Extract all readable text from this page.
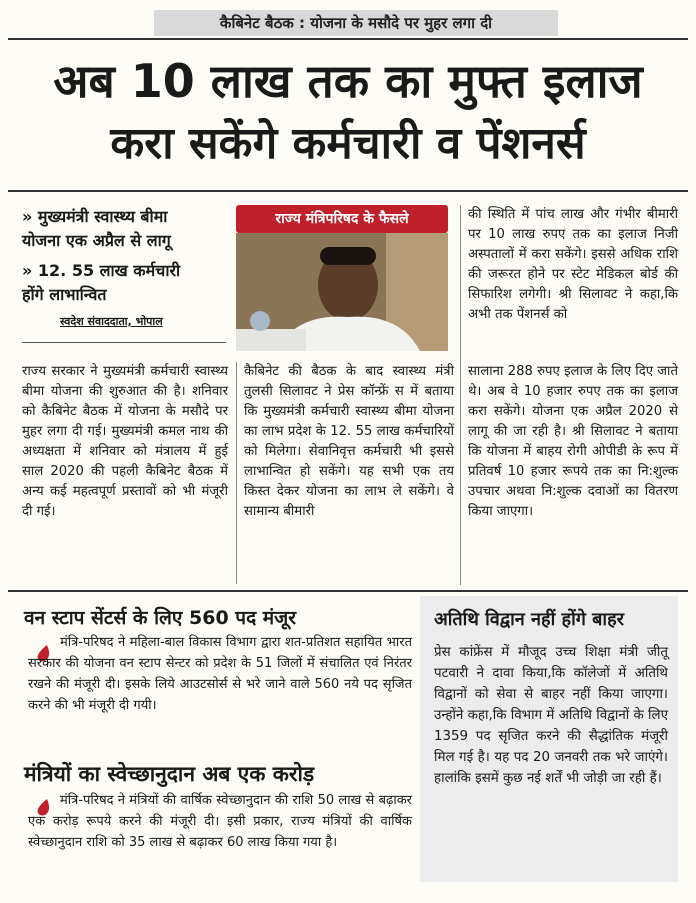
कैबिनेट बैठक : योजना के मसौदे पर मुहर लगा दी
अब 10 लाख तक का मुफ्त इलाज
करा सकेंगे कर्मचारी व पेंशनर्स
» मुख्यमंत्री स्वास्थ्य बीमा
योजना एक अप्रैल से लागू
» 12. 55 लाख कर्मचारी
होंगे लाभान्वित
स्वदेश संवाददाता, भोपाल
राज्य मंत्रिपरिषद के फैसले	की स्थिति में पांच लाख और गंभीर बीमारी पर 10 लाख रुपए तक का इलाज निजी अस्पतालों में करा सकेंगे। इससे अधिक राशि की जरूरत होने पर स्टेट मेडिकल बोर्ड की सिफारिश लगेगी। श्री सिलावट ने कहा,कि अभी तक पेंशनर्स को

राज्य सरकार ने मुख्यमंत्री कर्मचारी स्वास्थ्य बीमा योजना की शुरुआत की है। शनिवार को कैबिनेट बैठक में योजना के मसौदे पर मुहर लगा दी गई। मुख्यमंत्री कमल नाथ की अध्यक्षता में शनिवार को मंत्रालय में हुई साल 2020 की पहली कैबिनेट बैठक में अन्य कई महत्वपूर्ण प्रस्तावों को भी मंजूरी दी गई।

कैबिनेट की बैठक के बाद स्वास्थ्य मंत्री तुलसी सिलावट ने प्रेस कॉन्फ्रें स में बताया कि मुख्यमंत्री कर्मचारी स्वास्थ्य बीमा योजना का लाभ प्रदेश के 12. 55 लाख कर्मचारियों को मिलेगा। सेवानिवृत्त कर्मचारी भी इससे लाभान्वित हो सकेंगे। यह सभी एक तय किस्त देकर योजना का लाभ ले सकेंगे। वे सामान्य बीमारी

सालाना 288 रुपए इलाज के लिए दिए जाते थे। अब वे 10 हजार रुपए तक का इलाज करा सकेंगे। योजना एक अप्रैल 2020 से लागू की जा रही है। श्री सिलावट ने बताया कि योजना में बाहय रोगी ओपीडी के रूप में प्रतिवर्ष 10 हजार रूपये तक का नि:शुल्क उपचार अथवा नि:शुल्क दवाओं का वितरण किया जाएगा।

वन स्टाप सेंटर्स के लिए 560 पद मंजूर

मंत्रि-परिषद ने महिला-बाल विकास विभाग द्वारा शत-प्रतिशत सहायित भारत सरकार की योजना वन स्टाप सेन्टर को प्रदेश के 51 जिलों में संचालित एवं निरंतर रखने की मंजूरी दी। इसके लिये आउटसोर्स से भरे जाने वाले 560 नये पद सृजित करने की भी मंजूरी दी गयी।

मंत्रियों का स्वेच्छानुदान अब एक करोड़

मंत्रि-परिषद ने मंत्रियों की वार्षिक स्वेच्छानुदान की राशि 50 लाख से बढ़ाकर एक करोड़ रूपये करने की मंजूरी दी। इसी प्रकार, राज्य मंत्रियों की वार्षिक स्वेच्छानुदान राशि को 35 लाख से बढ़ाकर 60 लाख किया गया है।

अतिथि विद्वान नहीं होंगे बाहर

प्रेस कांफ्रेंस में मौजूद उच्च शिक्षा मंत्री जीतू पटवारी ने दावा किया,कि कॉलेजों में अतिथि विद्वानों को सेवा से बाहर नहीं किया जाएगा। उन्होंने कहा,कि विभाग में अतिथि विद्वानों के लिए 1359 पद सृजित करने की सैद्धांतिक मंजूरी मिल गई है। यह पद 20 जनवरी तक भरे जाएंगे। हालांकि इसमें कुछ नई शर्तें भी जोड़ी जा रही हैं।
